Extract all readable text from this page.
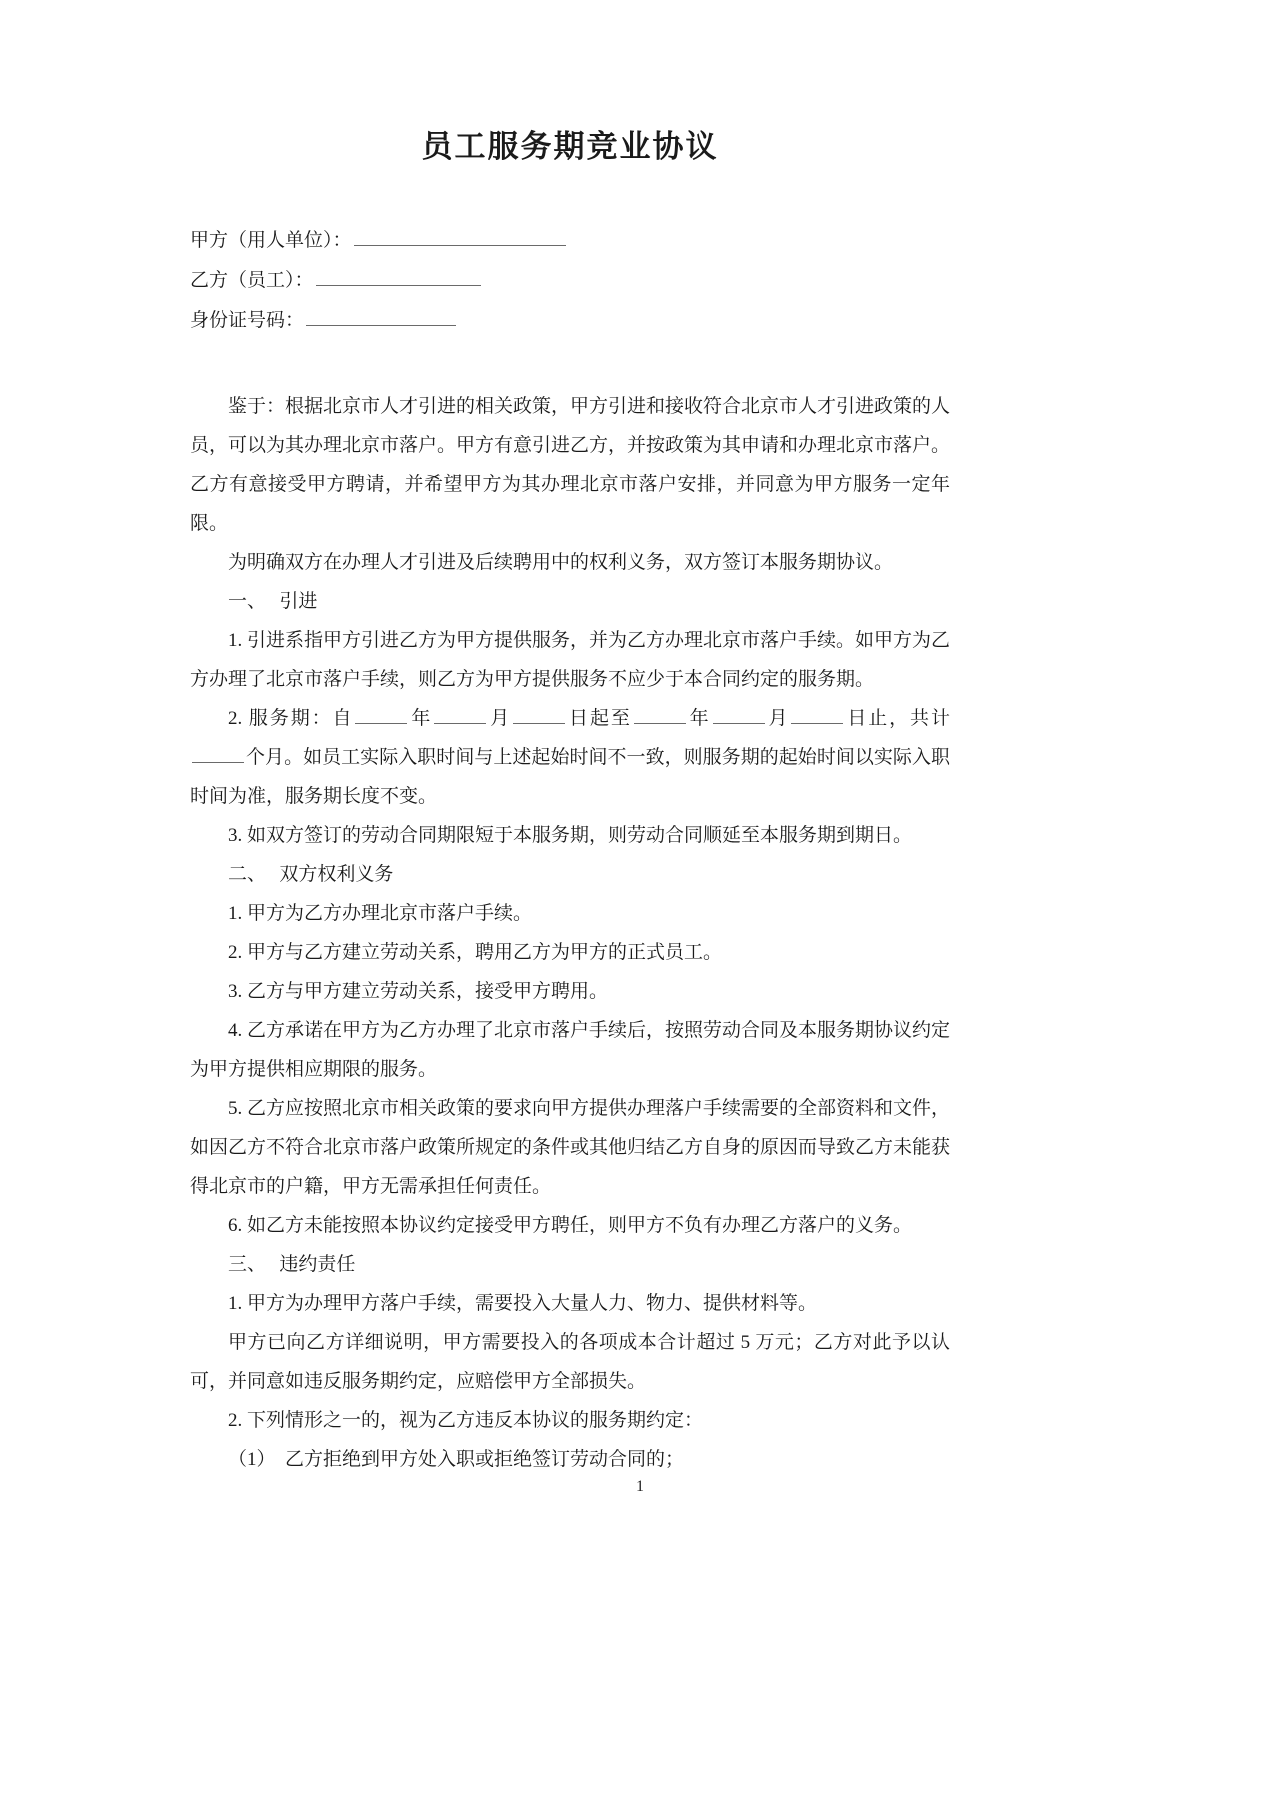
员工服务期竞业协议
甲方（用人单位）：
乙方（员工）：
身份证号码：

鉴于：根据北京市人才引进的相关政策，甲方引进和接收符合北京市人才引进政策的人员，可以为其办理北京市落户。甲方有意引进乙方，并按政策为其申请和办理北京市落户。乙方有意接受甲方聘请，并希望甲方为其办理北京市落户安排，并同意为甲方服务一定年限。

为明确双方在办理人才引进及后续聘用中的权利义务，双方签订本服务期协议。

一、 引进

1. 引进系指甲方引进乙方为甲方提供服务，并为乙方办理北京市落户手续。如甲方为乙方办理了北京市落户手续，则乙方为甲方提供服务不应少于本合同约定的服务期。

2. 服务期：自	年	月	日起至	年	月	日止，共计个月。如员工实际入职时间与上述起始时间不一致，则服务期的起始时间以实际入职时间为准，服务期长度不变。

3. 如双方签订的劳动合同期限短于本服务期，则劳动合同顺延至本服务期到期日。

二、 双方权利义务

1. 甲方为乙方办理北京市落户手续。

2. 甲方与乙方建立劳动关系，聘用乙方为甲方的正式员工。

3. 乙方与甲方建立劳动关系，接受甲方聘用。

4. 乙方承诺在甲方为乙方办理了北京市落户手续后，按照劳动合同及本服务期协议约定为甲方提供相应期限的服务。

5. 乙方应按照北京市相关政策的要求向甲方提供办理落户手续需要的全部资料和文件，如因乙方不符合北京市落户政策所规定的条件或其他归结乙方自身的原因而导致乙方未能获得北京市的户籍，甲方无需承担任何责任。

6. 如乙方未能按照本协议约定接受甲方聘任，则甲方不负有办理乙方落户的义务。

三、 违约责任

1. 甲方为办理甲方落户手续，需要投入大量人力、物力、提供材料等。

甲方已向乙方详细说明，甲方需要投入的各项成本合计超过 5 万元；乙方对此予以认可，并同意如违反服务期约定，应赔偿甲方全部损失。

2. 下列情形之一的，视为乙方违反本协议的服务期约定：

（1） 乙方拒绝到甲方处入职或拒绝签订劳动合同的；

1
